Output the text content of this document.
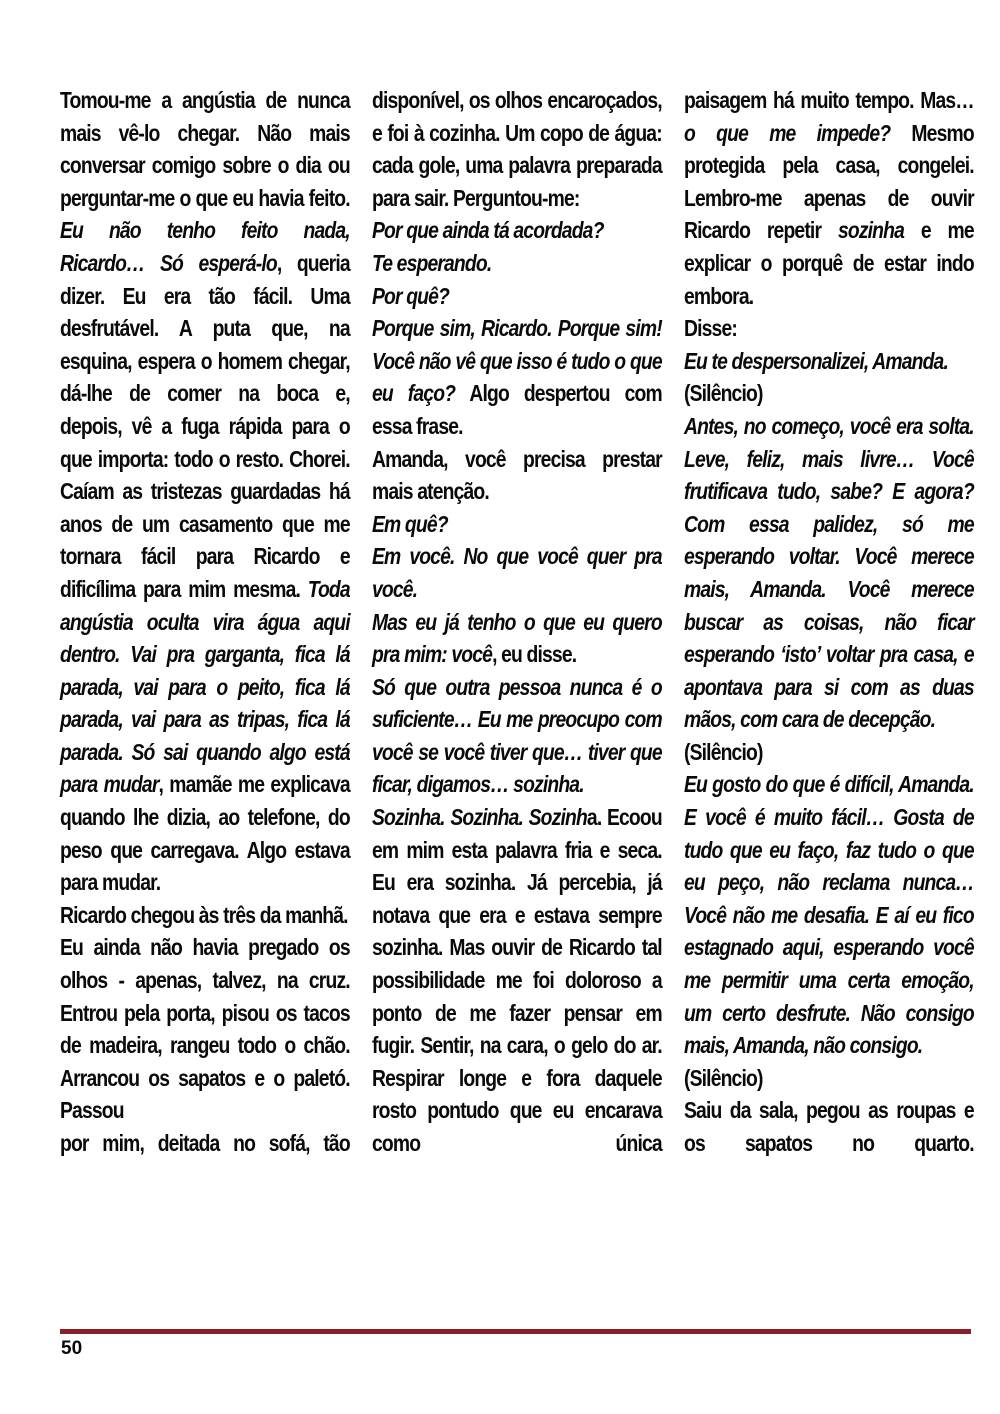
Tomou-me a angústia de nunca mais vê-lo chegar. Não mais conversar comigo sobre o dia ou perguntar-me o que eu havia feito. Eu não tenho feito nada, Ricardo… Só esperá-lo, queria dizer. Eu era tão fácil. Uma desfrutável. A puta que, na esquina, espera o homem chegar, dá-lhe de comer na boca e, depois, vê a fuga rápida para o que importa: todo o resto. Chorei. Caíam as tristezas guardadas há anos de um casamento que me tornara fácil para Ricardo e dificílima para mim mesma. Toda angústia oculta vira água aqui dentro. Vai pra garganta, fica lá parada, vai para o peito, fica lá parada, vai para as tripas, fica lá parada. Só sai quando algo está para mudar, mamãe me explicava quando lhe dizia, ao telefone, do peso que carregava. Algo estava para mudar.

Ricardo chegou às três da manhã.

Eu ainda não havia pregado os olhos - apenas, talvez, na cruz. Entrou pela porta, pisou os tacos de madeira, rangeu todo o chão. Arrancou os sapatos e o paletó. Passou

por mim, deitada no sofá, tão

disponível, os olhos encaroçados, e foi à cozinha. Um copo de água: cada gole, uma palavra preparada para sair. Perguntou-me:

Por que ainda tá acordada?

Te esperando.

Por quê?

Porque sim, Ricardo. Porque sim! Você não vê que isso é tudo o que eu faço? Algo despertou com essa frase.

Amanda, você precisa prestar mais atenção.

Em quê?

Em você. No que você quer pra você.

Mas eu já tenho o que eu quero pra mim: você, eu disse.

Só que outra pessoa nunca é o suficiente… Eu me preocupo com você se você tiver que… tiver que ficar, digamos… sozinha.

Sozinha. Sozinha. Sozinha. Ecoou em mim esta palavra fria e seca. Eu era sozinha. Já percebia, já notava que era e estava sempre sozinha. Mas ouvir de Ricardo tal possibilidade me foi doloroso a ponto de me fazer pensar em fugir. Sentir, na cara, o gelo do ar. Respirar longe e fora daquele rosto pontudo que eu encarava como única

paisagem há muito tempo. Mas… o que me impede? Mesmo protegida pela casa, congelei. Lembro-me apenas de ouvir Ricardo repetir sozinha e me explicar o porquê de estar indo embora.

Disse:

Eu te despersonalizei, Amanda.

(Silêncio)

Antes, no começo, você era solta. Leve, feliz, mais livre… Você frutificava tudo, sabe? E agora? Com essa palidez, só me esperando voltar. Você merece mais, Amanda. Você merece buscar as coisas, não ficar esperando ‘isto’ voltar pra casa, e apontava para si com as duas mãos, com cara de decepção.

(Silêncio)

Eu gosto do que é difícil, Amanda. E você é muito fácil… Gosta de tudo que eu faço, faz tudo o que eu peço, não reclama nunca… Você não me desafia. E aí eu fico estagnado aqui, esperando você me permitir uma certa emoção, um certo desfrute. Não consigo mais, Amanda, não consigo.

(Silêncio)

Saiu da sala, pegou as roupas e os sapatos no quarto.

50
